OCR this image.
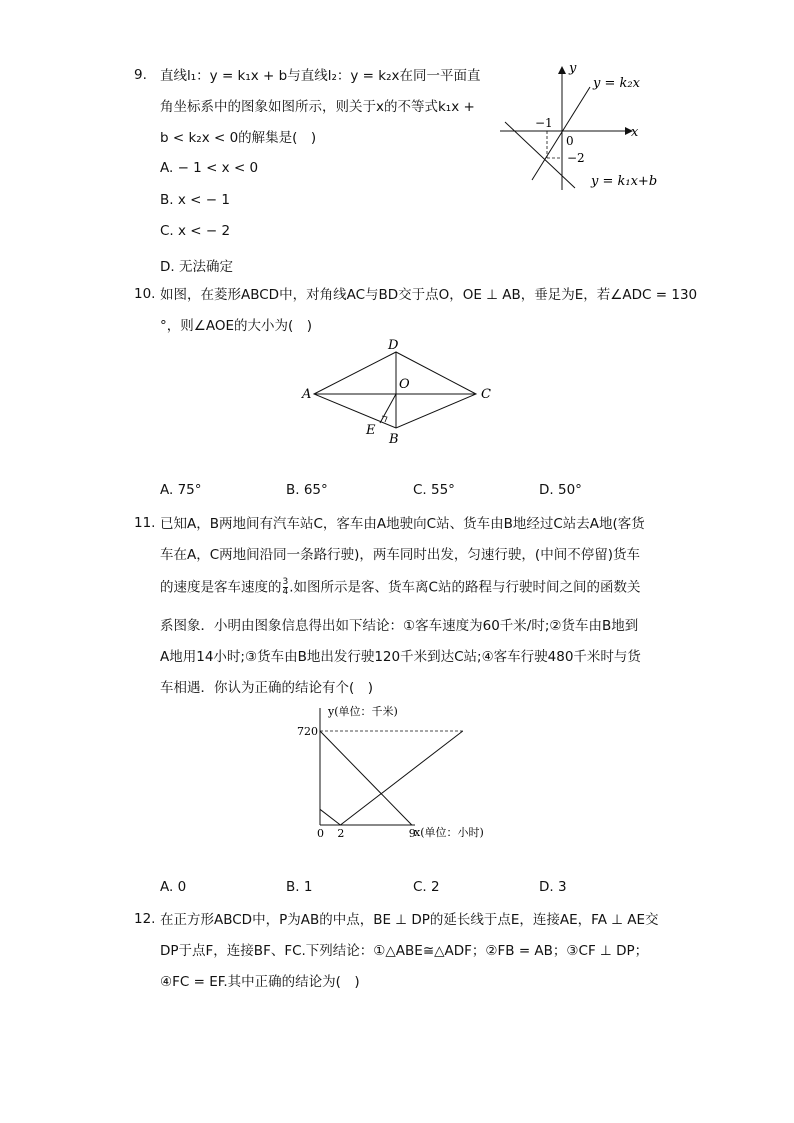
9. 直线l₁：y = k₁x + b与直线l₂：y = k₂x在同一平面直
角坐标系中的图象如图所示，则关于x的不等式k₁x +
b < k₂x < 0的解集是(　)
A. − 1 < x < 0
B. x < − 1
C. x < − 2
D. 无法确定
y
x
0
−1
−2
y = k₂x
y = k₁x+b
10. 如图，在菱形ABCD中，对角线AC与BD交于点O，OE ⊥ AB，垂足为E，若∠ADC = 130
°，则∠AOE的大小为(　)
A
D
C
O
E
B
A. 75°	B. 65°	C. 55°	D. 50°
11. 已知A，B两地间有汽车站C，客车由A地驶向C站、货车由B地经过C站去A地(客货
车在A，C两地间沿同一条路行驶)，两车同时出发，匀速行驶，(中间不停留)货车
的速度是客车速度的 $\frac{3}{4}$ .如图所示是客、货车离C站的路程与行驶时间之间的函数关
系图象．小明由图象信息得出如下结论：①客车速度为60千米/时;②货车由B地到
A地用14小时;③货车由B地出发行驶120千米到达C站;④客车行驶480千米时与货
车相遇．你认为正确的结论有个(　)
720
0 2	9
y(单位：千米)
x(单位：小时)
A. 0	B. 1	C. 2	D. 3
12. 在正方形ABCD中，P为AB的中点，BE ⊥ DP的延长线于点E，连接AE，FA ⊥ AE交
DP于点F，连接BF、FC.下列结论：①△ABE≅△ADF；②FB = AB；③CF ⊥ DP；
④FC = EF.其中正确的结论为(　)
